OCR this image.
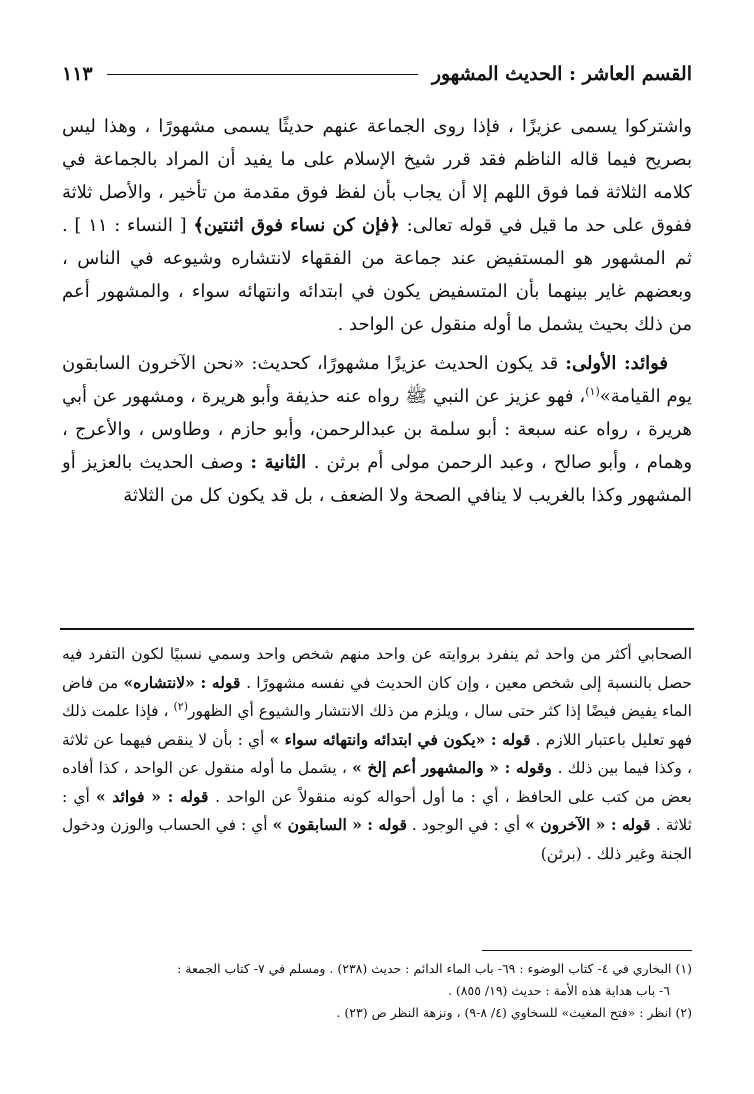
القسم العاشر : الحديث المشهور
١١٣

واشتركوا يسمى عزيزًا ، فإذا روى الجماعة عنهم حديثًا يسمى مشهورًا ، وهذا ليس بصريح فيما قاله الناظم فقد قرر شيخ الإسلام على ما يفيد أن المراد بالجماعة في كلامه الثلاثة فما فوق اللهم إلا أن يجاب بأن لفظ فوق مقدمة من تأخير ، والأصل ثلاثة ففوق على حد ما قيل في قوله تعالى: ﴿فإن كن نساء فوق اثنتين﴾ [ النساء : ١١ ] . ثم المشهور هو المستفيض عند جماعة من الفقهاء لانتشاره وشيوعه في الناس ، وبعضهم غاير بينهما بأن المتسفيض يكون في ابتدائه وانتهائه سواء ، والمشهور أعم من ذلك بحيث يشمل ما أوله منقول عن الواحد .

فوائد: الأولى: قد يكون الحديث عزيزًا مشهورًا، كحديث: «نحن الآخرون السابقون يوم القيامة»$^{(١)}$، فهو عزيز عن النبي ﷺ رواه عنه حذيفة وأبو هريرة ، ومشهور عن أبي هريرة ، رواه عنه سبعة : أبو سلمة بن عبدالرحمن، وأبو حازم ، وطاوس ، والأعرج ، وهمام ، وأبو صالح ، وعبد الرحمن مولى أم برثن . الثانية : وصف الحديث بالعزيز أو المشهور وكذا بالغريب لا ينافي الصحة ولا الضعف ، بل قد يكون كل من الثلاثة

الصحابي أكثر من واحد ثم ينفرد بروايته عن واحد منهم شخص واحد وسمي نسبيًا لكون التفرد فيه حصل بالنسبة إلى شخص معين ، وإن كان الحديث في نفسه مشهورًا . قوله : «لانتشاره» من فاض الماء يفيض فيضًا إذا كثر حتى سال ، ويلزم من ذلك الانتشار والشيوع أي الظهور$^{(٢)}$ ، فإذا علمت ذلك فهو تعليل باعتبار اللازم . قوله : «يكون في ابتدائه وانتهائه سواء » أي : بأن لا ينقص فيهما عن ثلاثة ، وكذا فيما بين ذلك . وقوله : « والمشهور أعم إلخ » ، يشمل ما أوله منقول عن الواحد ، كذا أفاده بعض من كتب على الحافظ ، أي : ما أول أحواله كونه منقولاً عن الواحد . قوله : « فوائد » أي : ثلاثة . قوله : « الآخرون » أي : في الوجود . قوله : « السابقون » أي : في الحساب والوزن ودخول الجنة وغير ذلك . (برثن)

(١) البخاري في ٤- كتاب الوضوء : ٦٩- باب الماء الدائم : حديث (٢٣٨) . ومسلم في ٧- كتاب الجمعة :

٦- باب هداية هذه الأمة : حديث (١٩/ ٨٥٥) .

(٢) انظر : «فتح المغيث» للسخاوي (٤/ ٨-٩) ، ونزهة النظر ص (٢٣) .
